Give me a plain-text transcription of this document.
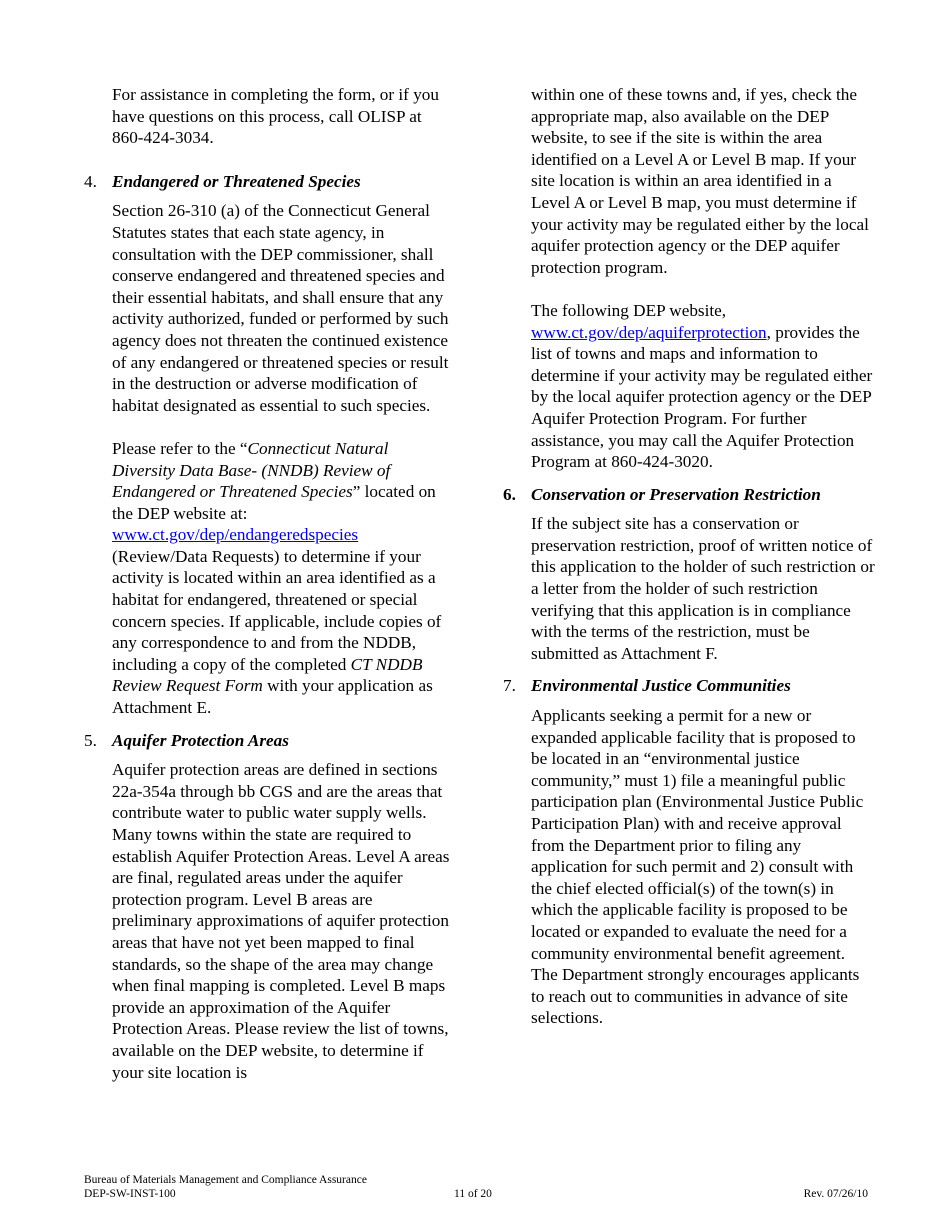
For assistance in completing the form, or if you have questions on this process, call OLISP at 860-424-3034.

4. Endangered or Threatened Species

Section 26-310 (a) of the Connecticut General Statutes states that each state agency, in consultation with the DEP commissioner, shall conserve endangered and threatened species and their essential habitats, and shall ensure that any activity authorized, funded or performed by such agency does not threaten the continued existence of any endangered or threatened species or result in the destruction or adverse modification of habitat designated as essential to such species.

Please refer to the “Connecticut Natural Diversity Data Base- (NNDB) Review of Endangered or Threatened Species” located on the DEP website at:
www.ct.gov/dep/endangeredspecies
(Review/Data Requests) to determine if your activity is located within an area identified as a habitat for endangered, threatened or special concern species. If applicable, include copies of any correspondence to and from the NDDB, including a copy of the completed CT NDDB Review Request Form with your application as Attachment E.

5. Aquifer Protection Areas

Aquifer protection areas are defined in sections 22a-354a through bb CGS and are the areas that contribute water to public water supply wells. Many towns within the state are required to establish Aquifer Protection Areas. Level A areas are final, regulated areas under the aquifer protection program. Level B areas are preliminary approximations of aquifer protection areas that have not yet been mapped to final standards, so the shape of the area may change when final mapping is completed. Level B maps provide an approximation of the Aquifer Protection Areas. Please review the list of towns, available on the DEP website, to determine if your site location is

within one of these towns and, if yes, check the appropriate map, also available on the DEP website, to see if the site is within the area identified on a Level A or Level B map. If your site location is within an area identified in a Level A or Level B map, you must determine if your activity may be regulated either by the local aquifer protection agency or the DEP aquifer protection program.

The following DEP website,
www.ct.gov/dep/aquiferprotection, provides the list of towns and maps and information to determine if your activity may be regulated either by the local aquifer protection agency or the DEP Aquifer Protection Program. For further assistance, you may call the Aquifer Protection Program at 860-424-3020.

6. Conservation or Preservation Restriction

If the subject site has a conservation or preservation restriction, proof of written notice of this application to the holder of such restriction or a letter from the holder of such restriction verifying that this application is in compliance with the terms of the restriction, must be submitted as Attachment F.

7. Environmental Justice Communities

Applicants seeking a permit for a new or expanded applicable facility that is proposed to be located in an “environmental justice community,” must 1) file a meaningful public participation plan (Environmental Justice Public Participation Plan) with and receive approval from the Department prior to filing any application for such permit and 2) consult with the chief elected official(s) of the town(s) in which the applicable facility is proposed to be located or expanded to evaluate the need for a community environmental benefit agreement. The Department strongly encourages applicants to reach out to communities in advance of site selections.

Bureau of Materials Management and Compliance Assurance
DEP-SW-INST-100	11 of 20	Rev. 07/26/10
